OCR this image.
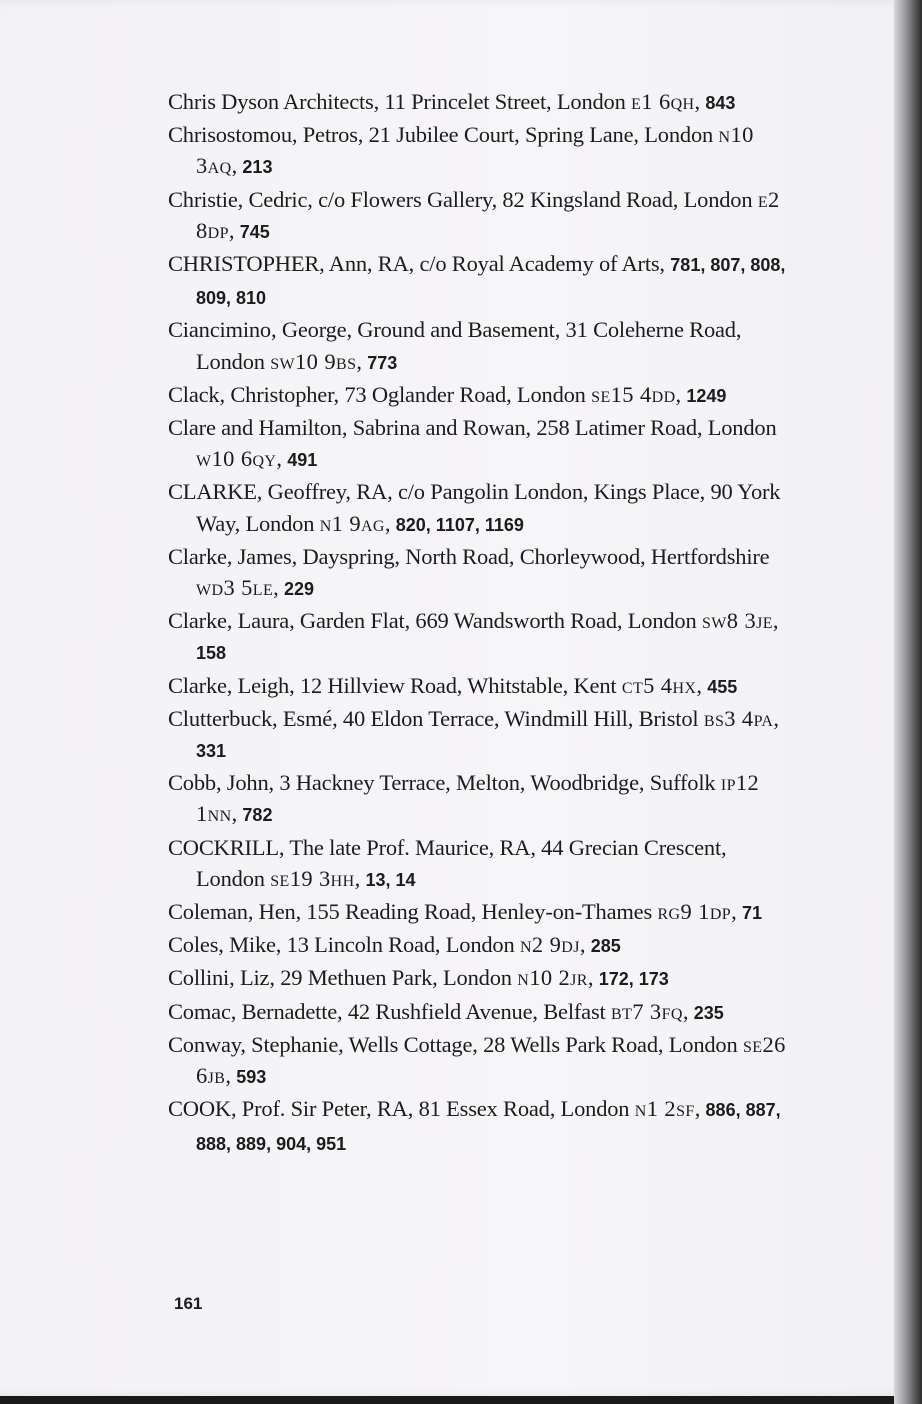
Chris Dyson Architects, 11 Princelet Street, London e1 6qh, 843
Chrisostomou, Petros, 21 Jubilee Court, Spring Lane, London n10 3aq, 213
Christie, Cedric, c/o Flowers Gallery, 82 Kingsland Road, London e2 8dp, 745
CHRISTOPHER, Ann, RA, c/o Royal Academy of Arts, 781, 807, 808, 809, 810
Ciancimino, George, Ground and Basement, 31 Coleherne Road, London sw10 9bs, 773
Clack, Christopher, 73 Oglander Road, London se15 4dd, 1249
Clare and Hamilton, Sabrina and Rowan, 258 Latimer Road, London w10 6qy, 491
CLARKE, Geoffrey, RA, c/o Pangolin London, Kings Place, 90 York Way, London n1 9ag, 820, 1107, 1169
Clarke, James, Dayspring, North Road, Chorleywood, Hertfordshire wd3 5le, 229
Clarke, Laura, Garden Flat, 669 Wandsworth Road, London sw8 3je, 158
Clarke, Leigh, 12 Hillview Road, Whitstable, Kent ct5 4hx, 455
Clutterbuck, Esmé, 40 Eldon Terrace, Windmill Hill, Bristol bs3 4pa, 331
Cobb, John, 3 Hackney Terrace, Melton, Woodbridge, Suffolk ip12 1nn, 782
COCKRILL, The late Prof. Maurice, RA, 44 Grecian Crescent, London se19 3hh, 13, 14
Coleman, Hen, 155 Reading Road, Henley-on-Thames rg9 1dp, 71
Coles, Mike, 13 Lincoln Road, London n2 9dj, 285
Collini, Liz, 29 Methuen Park, London n10 2jr, 172, 173
Comac, Bernadette, 42 Rushfield Avenue, Belfast bt7 3fq, 235
Conway, Stephanie, Wells Cottage, 28 Wells Park Road, London se26 6jb, 593
COOK, Prof. Sir Peter, RA, 81 Essex Road, London n1 2sf, 886, 887, 888, 889, 904, 951
161
